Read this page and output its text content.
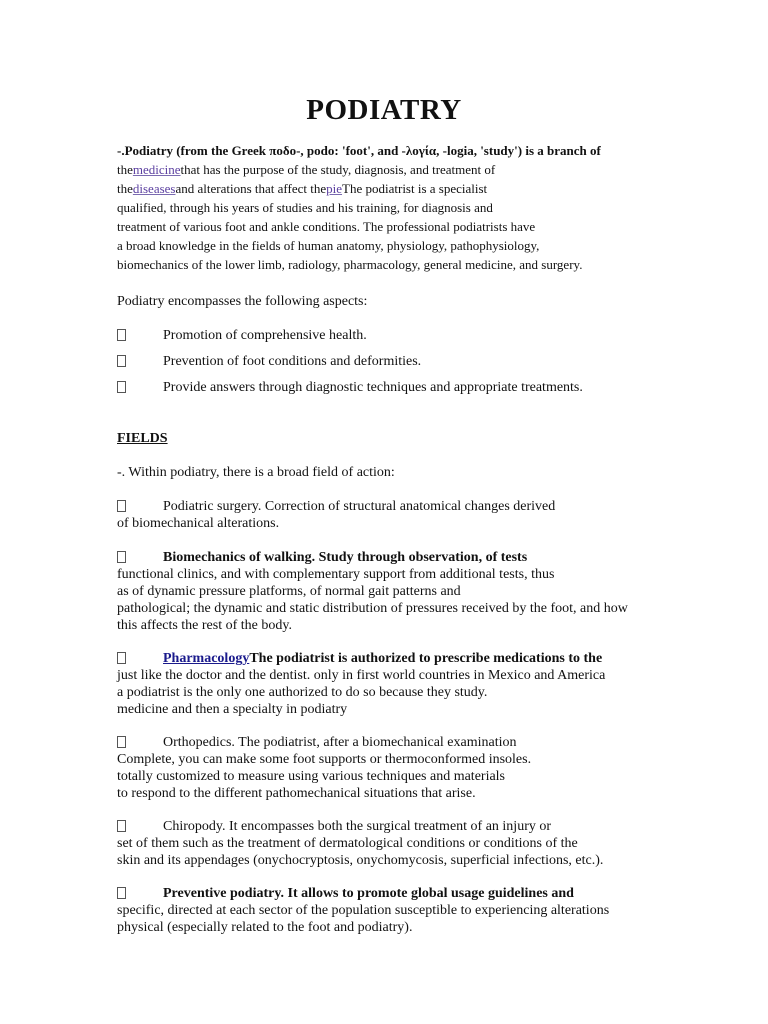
PODIATRY
-.Podiatry (from the Greek ποδο-, podo: 'foot', and -λογία, -logia, 'study') is a branch of
themedicinethat has the purpose of the study, diagnosis, and treatment of
thediseasesand alterations that affect thepieThe podiatrist is a specialist
qualified, through his years of studies and his training, for diagnosis and
treatment of various foot and ankle conditions. The professional podiatrists have
a broad knowledge in the fields of human anatomy, physiology, pathophysiology,
biomechanics of the lower limb, radiology, pharmacology, general medicine, and surgery.
Podiatry encompasses the following aspects:
Promotion of comprehensive health.
Prevention of foot conditions and deformities.
Provide answers through diagnostic techniques and appropriate treatments.
FIELDS
-. Within podiatry, there is a broad field of action:
Podiatric surgery. Correction of structural anatomical changes derived
of biomechanical alterations.
Biomechanics of walking. Study through observation, of tests
functional clinics, and with complementary support from additional tests, thus
as of dynamic pressure platforms, of normal gait patterns and
pathological; the dynamic and static distribution of pressures received by the foot, and how
this affects the rest of the body.
PharmacologyThe podiatrist is authorized to prescribe medications to the
just like the doctor and the dentist. only in first world countries in Mexico and America
a podiatrist is the only one authorized to do so because they study.
medicine and then a specialty in podiatry
Orthopedics. The podiatrist, after a biomechanical examination
Complete, you can make some foot supports or thermoconformed insoles.
totally customized to measure using various techniques and materials
to respond to the different pathomechanical situations that arise.
Chiropody. It encompasses both the surgical treatment of an injury or
set of them such as the treatment of dermatological conditions or conditions of the
skin and its appendages (onychocryptosis, onychomycosis, superficial infections, etc.).
Preventive podiatry. It allows to promote global usage guidelines and
specific, directed at each sector of the population susceptible to experiencing alterations
physical (especially related to the foot and podiatry).
